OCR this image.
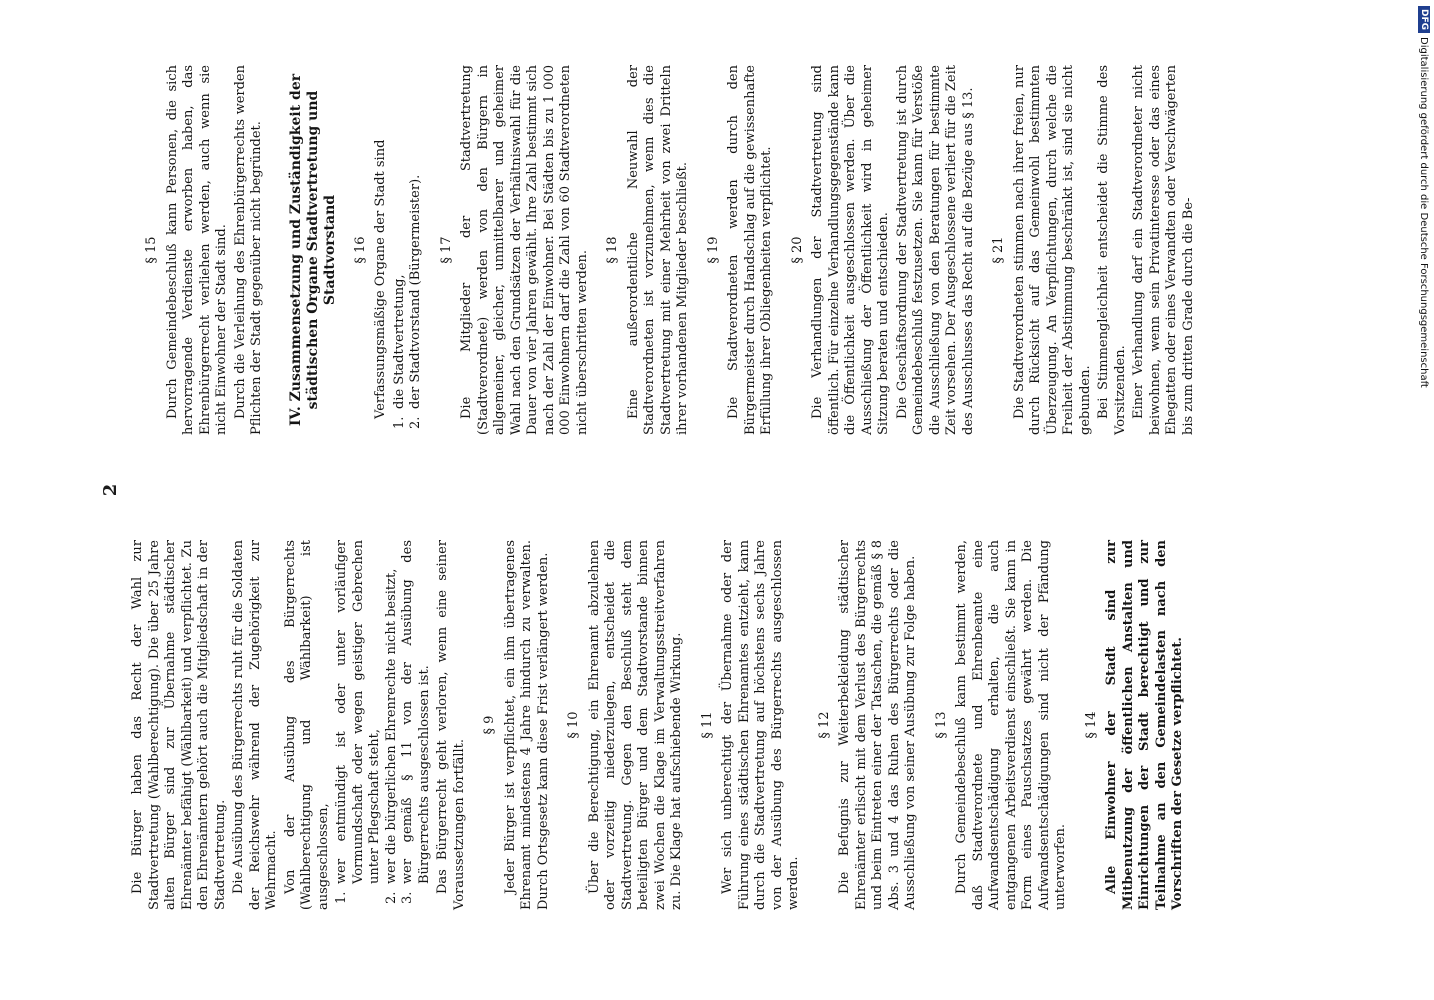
2

Die Bürger haben das Recht der Wahl zur Stadtvertretung (Wahlberechtigung). Die über 25 Jahre alten Bürger sind zur Übernahme städtischer Ehrenämter befähigt (Wählbarkeit) und verpflichtet. Zu den Ehrenämtern gehört auch die Mitgliedschaft in der Stadtvertretung. Die Ausübung des Bürgerrechts ruht für die Soldaten der Reichswehr während der Zugehörigkeit zur Wehrmacht. Von der Ausübung des Bürgerrechts (Wahlberechtigung und Wählbarkeit) ist ausgeschlossen, 1.
wer entmündigt ist oder unter vorläufiger Vormundschaft oder wegen geistiger Gebrechen unter Pflegschaft steht,
2.
wer die bürgerlichen Ehrenrechte nicht besitzt,
3.
wer gemäß § 11 von der Ausübung des Bürgerrechts ausgeschlossen ist. Das Bürgerrecht geht verloren, wenn eine seiner Voraussetzungen fortfällt.

§ 9 Jeder Bürger ist verpflichtet, ein ihm übertragenes Ehrenamt mindestens 4 Jahre hindurch zu verwalten. Durch Ortsgesetz kann diese Frist verlängert werden. § 10 Über die Berechtigung, ein Ehrenamt abzulehnen oder vorzeitig niederzulegen, entscheidet die Stadtvertretung. Gegen den Beschluß steht dem beteiligten Bürger und dem Stadtvorstande binnen zwei Wochen die Klage im Verwaltungsstreitverfahren zu. Die Klage hat aufschiebende Wirkung. § 11 Wer sich unberechtigt der Übernahme oder der Führung eines städtischen Ehrenamtes entzieht, kann durch die Stadtvertretung auf höchstens sechs Jahre von der Ausübung des Bürgerrechts ausgeschlossen werden.

§ 12 Die Befugnis zur Weiterbekleidung städtischer Ehrenämter erlischt mit dem Verlust des Bürgerrechts und beim Eintreten einer der Tatsachen, die gemäß § 8 Abs. 3 und 4 das Ruhen des Bürgerrechts oder die Ausschließung von seiner Ausübung zur Folge haben. § 13 Durch Gemeindebeschluß kann bestimmt werden, daß Stadtverordnete und Ehrenbeamte eine Aufwandsentschädigung erhalten, die auch entgangenen Arbeitsverdienst einschließt. Sie kann in Form eines Pauschsatzes gewährt werden. Die Aufwandsentschädigungen sind nicht der Pfändung unterworfen.

§ 14 Alle Einwohner der Stadt sind zur Mitbenutzung der öffentlichen Anstalten und Einrichtungen der Stadt berechtigt und zur Teilnahme an den Gemeindelasten nach den Vorschriften der Gesetze verpflichtet.

§ 15 Durch Gemeindebeschluß kann Personen, die sich hervorragende Verdienste erworben haben, das Ehrenbürgerrecht verliehen werden, auch wenn sie nicht Einwohner der Stadt sind. Durch die Verleihung des Ehrenbürgerrechts werden Pflichten der Stadt gegenüber nicht begründet. IV. Zusammensetzung und Zuständigkeit der städtischen Organe Stadtvertretung und Stadtvorstand § 16 Verfassungsmäßige Organe der Stadt sind

1.
die Stadtvertretung,
2.
der Stadtvorstand (Bürgermeister). § 17 Die Mitglieder der Stadtvertretung (Stadtverordnete) werden von den Bürgern in allgemeiner, gleicher, unmittelbarer und geheimer Wahl nach den Grundsätzen der Verhältniswahl für die Dauer von vier Jahren gewählt. Ihre Zahl bestimmt sich nach der Zahl der Einwohner. Bei Städten bis zu 1 000 000 Einwohnern darf die Zahl von 60 Stadtverordneten nicht überschritten werden. § 18 Eine außerordentliche Neuwahl der Stadtverordneten ist vorzunehmen, wenn dies die Stadtvertretung mit einer Mehrheit von zwei Dritteln ihrer vorhandenen Mitglieder beschließt. § 19 Die Stadtverordneten werden durch den Bürgermeister durch Handschlag auf die gewissenhafte Erfüllung ihrer Obliegenheiten verpflichtet. § 20 Die Verhandlungen der Stadtvertretung sind öffentlich. Für einzelne Verhandlungsgegenstände kann die Öffentlichkeit ausgeschlossen werden. Über die Ausschließung der Öffentlichkeit wird in geheimer Sitzung beraten und entschieden. Die Geschäftsordnung der Stadtvertretung ist durch Gemeindebeschluß festzusetzen. Sie kann für Verstöße die Ausschließung von den Beratungen für bestimmte Zeit vorsehen. Der Ausgeschlossene verliert für die Zeit des Ausschlusses das Recht auf die Bezüge aus § 13. § 21 Die Stadtverordneten stimmen nach ihrer freien, nur durch Rücksicht auf das Gemeinwohl bestimmten Überzeugung. An Verpflichtungen, durch welche die Freiheit der Abstimmung beschränkt ist, sind sie nicht gebunden. Bei Stimmengleichheit entscheidet die Stimme des Vorsitzenden. Einer Verhandlung darf ein Stadtverordneter nicht beiwohnen, wenn sein Privatinteresse oder das eines Ehegatten oder eines Verwandten oder Verschwägerten bis zum dritten Grade durch die Be-

DFGDigitalisierung gefördert durch die Deutsche Forschungsgemeinschaft
